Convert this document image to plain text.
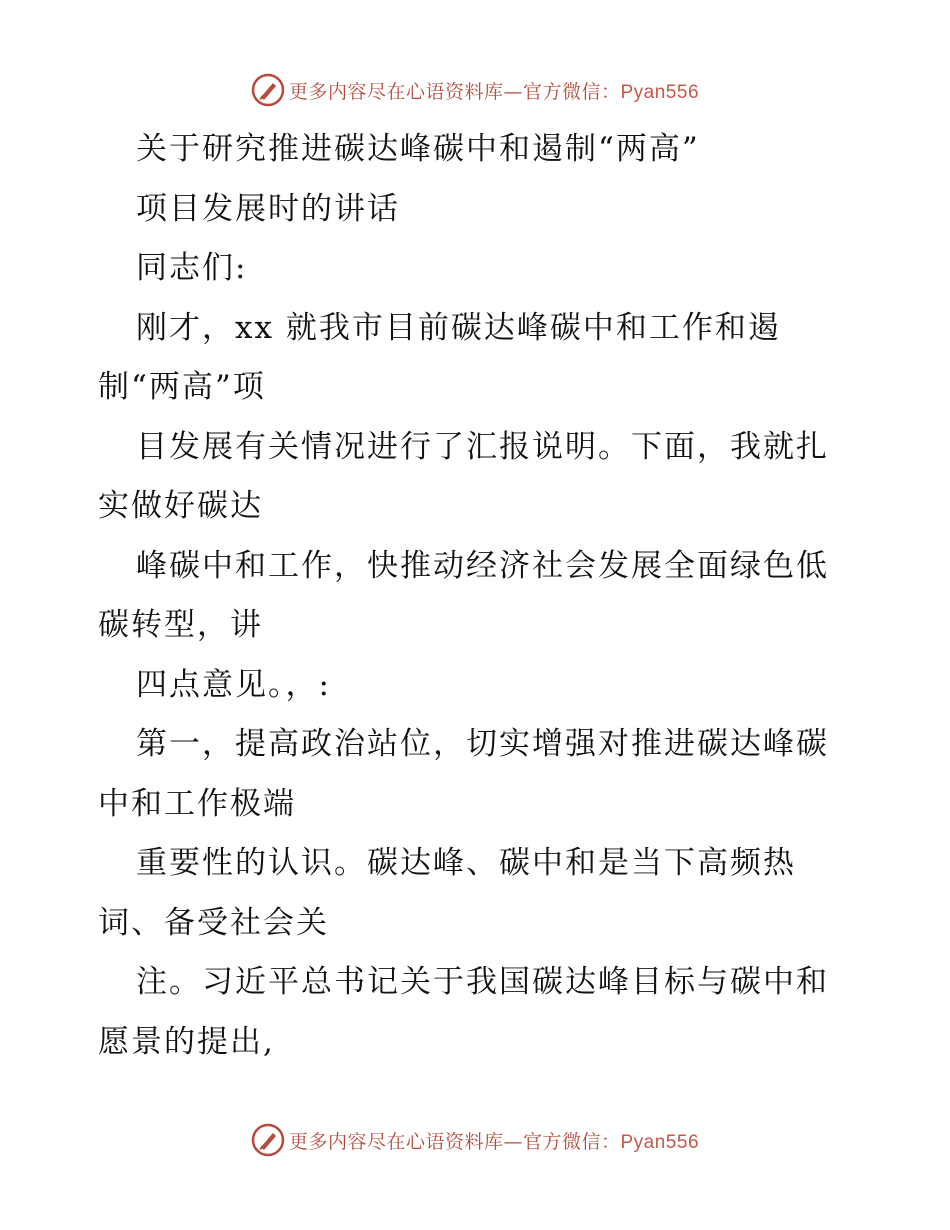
更多内容尽在心语资料库—官方微信：Pyan556
关于研究推进碳达峰碳中和遏制“两高”
项目发展时的讲话
同志们:
刚才，xx 就我市目前碳达峰碳中和工作和遏
制“两高”项
目发展有关情况进行了汇报说明。下面，我就扎
实做好碳达
峰碳中和工作，快推动经济社会发展全面绿色低
碳转型，讲
四点意见。，:
第一，提高政治站位，切实增强对推进碳达峰碳
中和工作极端
重要性的认识。碳达峰、碳中和是当下高频热
词、备受社会关
注。习近平总书记关于我国碳达峰目标与碳中和
愿景的提出,
更多内容尽在心语资料库—官方微信：Pyan556
